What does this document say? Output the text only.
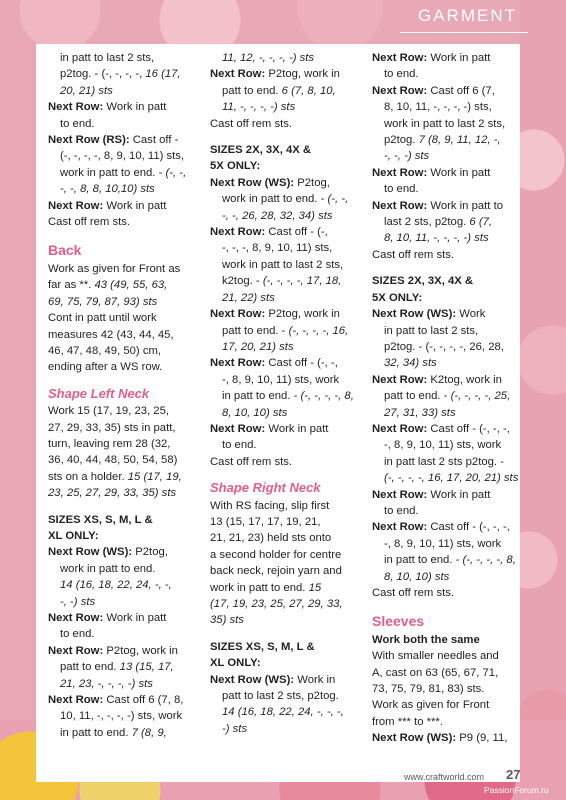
GARMENT

in patt to last 2 sts,

p2tog. - (-, -, -, -, 16 (17,

20, 21) sts

Next Row: Work in patt

to end.

Next Row (RS): Cast off -

(-, -, -, -, 8, 9, 10, 11) sts,

work in patt to end. - (-, -,

-, -, 8, 8, 10,10) sts

Next Row: Work in patt

Cast off rem sts.

Back

Work as given for Front as

far as **. 43 (49, 55, 63,

69, 75, 79, 87, 93) sts

Cont in patt until work

measures 42 (43, 44, 45,

46, 47, 48, 49, 50) cm,

ending after a WS row.

Shape Left Neck

Work 15 (17, 19, 23, 25,

27, 29, 33, 35) sts in patt,

turn, leaving rem 28 (32,

36, 40, 44, 48, 50, 54, 58)

sts on a holder. 15 (17, 19,

23, 25, 27, 29, 33, 35) sts

SIZES XS, S, M, L &

XL ONLY:

Next Row (WS): P2tog,

work in patt to end.

14 (16, 18, 22, 24, -, -,

-, -) sts

Next Row: Work in patt

to end.

Next Row: P2tog, work in

patt to end. 13 (15, 17,

21, 23, -, -, -, -) sts

Next Row: Cast off 6 (7, 8,

10, 11, -, -, -, -) sts, work

in patt to end. 7 (8, 9,

11, 12, -, -, -, -) sts

Next Row: P2tog, work in

patt to end. 6 (7, 8, 10,

11, -, -, -, -) sts

Cast off rem sts.

SIZES 2X, 3X, 4X &

5X ONLY:

Next Row (WS): P2tog,

work in patt to end. - (-, -,

-, -, 26, 28, 32, 34) sts

Next Row: Cast off - (-,

-, -, -, 8, 9, 10, 11) sts,

work in patt to last 2 sts,

k2tog. - (-, -, -, -, 17, 18,

21, 22) sts

Next Row: P2tog, work in

patt to end. - (-, -, -, -, 16,

17, 20, 21) sts

Next Row: Cast off - (-, -,

-, 8, 9, 10, 11) sts, work

in patt to end. - (-, -, -, -, 8,

8, 10, 10) sts

Next Row: Work in patt

to end.

Cast off rem sts.

Shape Right Neck

With RS facing, slip first

13 (15, 17, 17, 19, 21,

21, 21, 23) held sts onto

a second holder for centre

back neck, rejoin yarn and

work in patt to end. 15

(17, 19, 23, 25, 27, 29, 33,

35) sts

SIZES XS, S, M, L &

XL ONLY:

Next Row (WS): Work in

patt to last 2 sts, p2tog.

14 (16, 18, 22, 24, -, -, -,

-) sts

Next Row: Work in patt

to end.

Next Row: Cast off 6 (7,

8, 10, 11, -, -, -, -) sts,

work in patt to last 2 sts,

p2tog. 7 (8, 9, 11, 12, -,

-, -, -) sts

Next Row: Work in patt

to end.

Next Row: Work in patt to

last 2 sts, p2tog. 6 (7,

8, 10, 11, -, -, -, -) sts

Cast off rem sts.

SIZES 2X, 3X, 4X &

5X ONLY:

Next Row (WS): Work

in patt to last 2 sts,

p2tog. - (-, -, -, -, 26, 28,

32, 34) sts

Next Row: K2tog, work in

patt to end. - (-, -, -, -, 25,

27, 31, 33) sts

Next Row: Cast off - (-, -, -,

-, 8, 9, 10, 11) sts, work

in patt last 2 sts p2tog. -

(-, -, -, -, 16, 17, 20, 21) sts

Next Row: Work in patt

to end.

Next Row: Cast off - (-, -, -,

-, 8, 9, 10, 11) sts, work

in patt to end. - (-, -, -, -, 8,

8, 10, 10) sts

Cast off rem sts.

Sleeves

Work both the same

With smaller needles and

A, cast on 63 (65, 67, 71,

73, 75, 79, 81, 83) sts.

Work as given for Front

from *** to ***.

Next Row (WS): P9 (9, 11,

www.craftworld.com 27
PassionForum.ru
